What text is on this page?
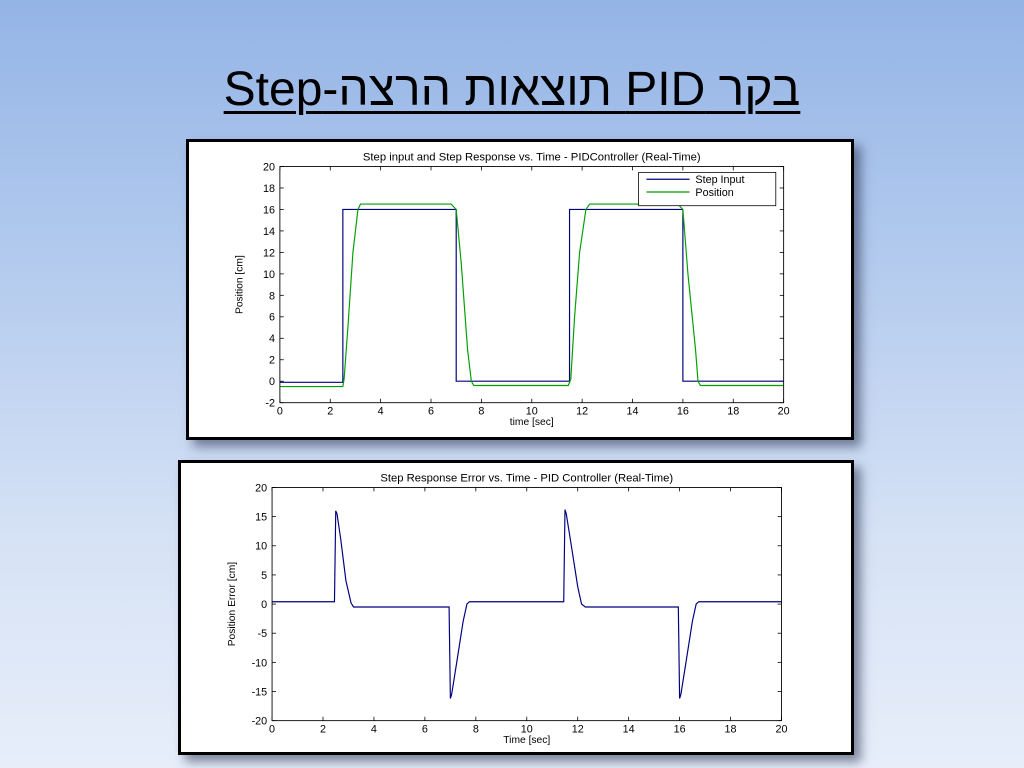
בקר PID תוצאות הרצה-Step
Step input and Step Response vs. Time - PIDController (Real-Time)
0	2	4	6	8	10	12	14	16	18	20
-2
0
2
4
6
8
10
12
14
16
18
20
time [sec]
Position [cm]
Step Input
Position
Step Response Error vs. Time - PID Controller (Real-Time)
0	2	4	6	8	10	12	14	16	18	20
-20
-15
-10
-5
0
5
10
15
20
Time [sec]
Position Error [cm]
